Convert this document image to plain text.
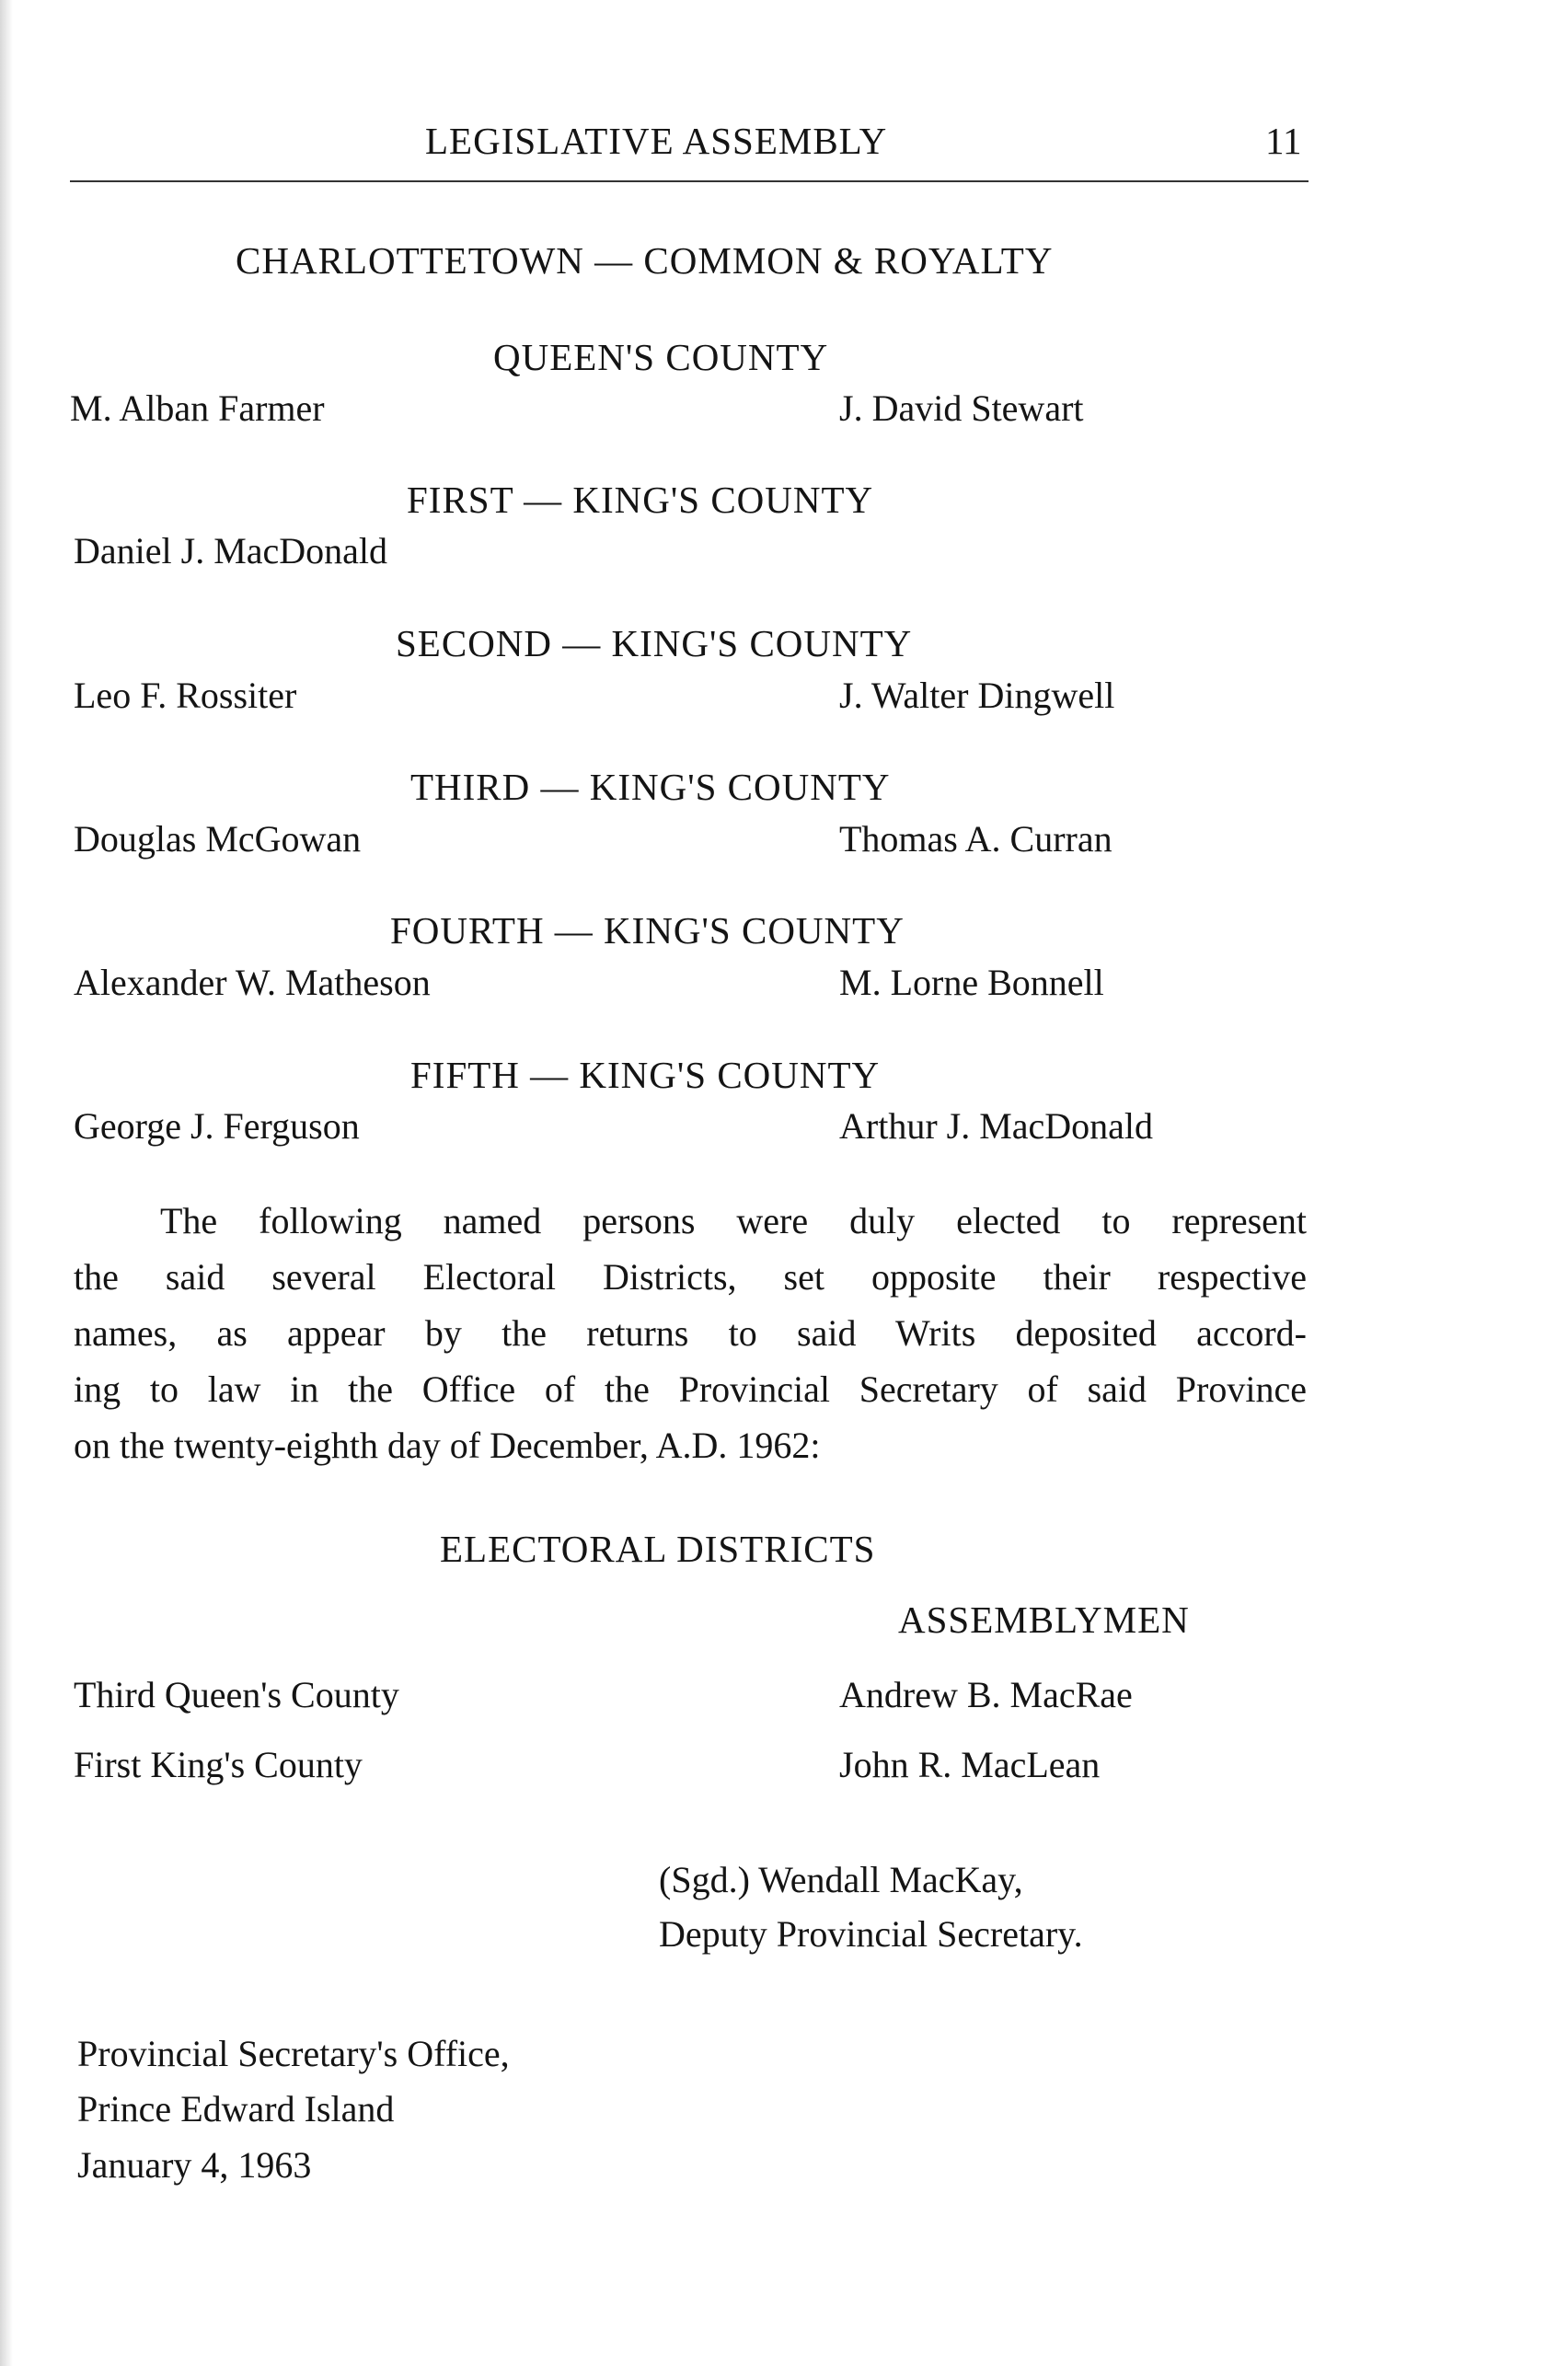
LEGISLATIVE ASSEMBLY	11
CHARLOTTETOWN — COMMON & ROYALTY
QUEEN'S COUNTY
M. Alban Farmer	J. David Stewart
FIRST — KING'S COUNTY
Daniel J. MacDonald
SECOND — KING'S COUNTY
Leo F. Rossiter	J. Walter Dingwell
THIRD — KING'S COUNTY
Douglas McGowan	Thomas A. Curran
FOURTH — KING'S COUNTY
Alexander W. Matheson	M. Lorne Bonnell
FIFTH — KING'S COUNTY
George J. Ferguson	Arthur J. MacDonald
The following named persons were duly elected to represent
the said several Electoral Districts, set opposite their respective
names, as appear by the returns to said Writs deposited accord-
ing to law in the Office of the Provincial Secretary of said Province
on the twenty-eighth day of December, A.D. 1962:
ELECTORAL DISTRICTS
ASSEMBLYMEN
Third Queen's County	Andrew B. MacRae
First King's County	John R. MacLean
(Sgd.) Wendall MacKay,
Deputy Provincial Secretary.
Provincial Secretary's Office,
Prince Edward Island
January 4, 1963
